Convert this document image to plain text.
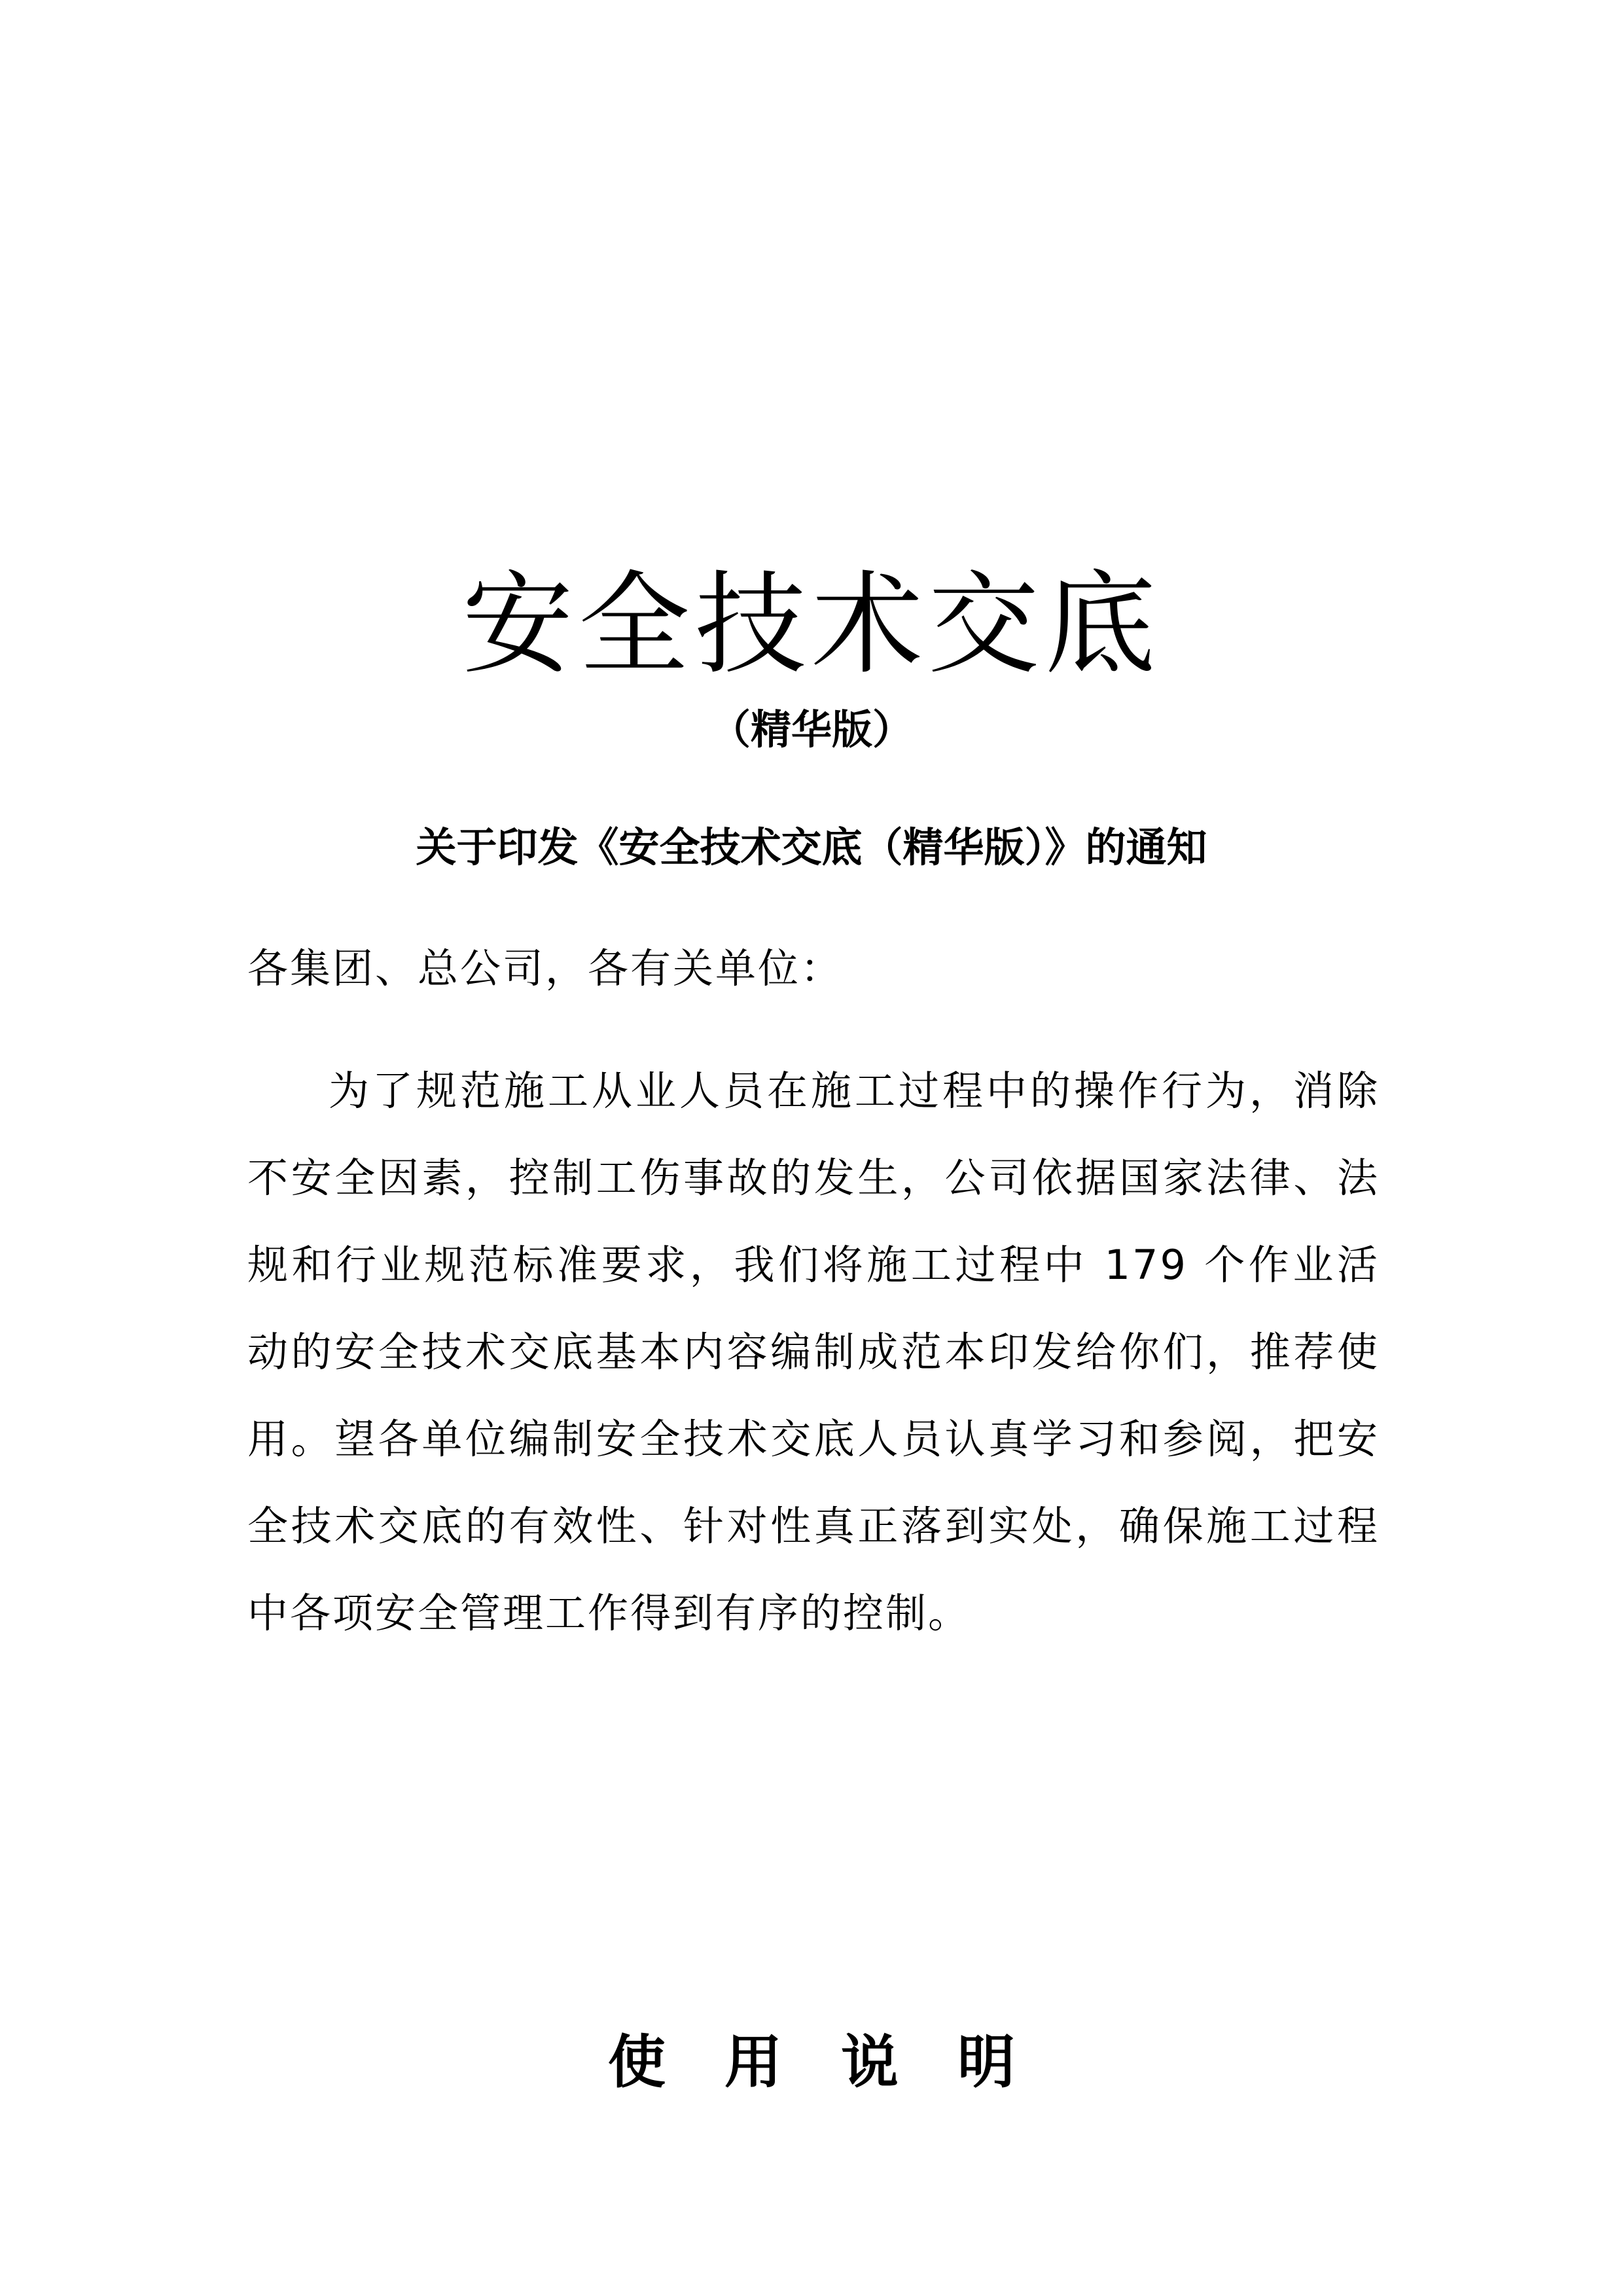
安全技术交底
（精华版）
关于印发《安全技术交底（精华版）》的通知

各集团、总公司，各有关单位：

为了规范施工从业人员在施工过程中的操作行为，消除不安全因素，控制工伤事故的发生，公司依据国家法律、法规和行业规范标准要求，我们将施工过程中 179 个作业活动的安全技术交底基本内容编制成范本印发给你们，推荐使用。望各单位编制安全技术交底人员认真学习和参阅，把安全技术交底的有效性、针对性真正落到实处，确保施工过程中各项安全管理工作得到有序的控制。

使用说明
